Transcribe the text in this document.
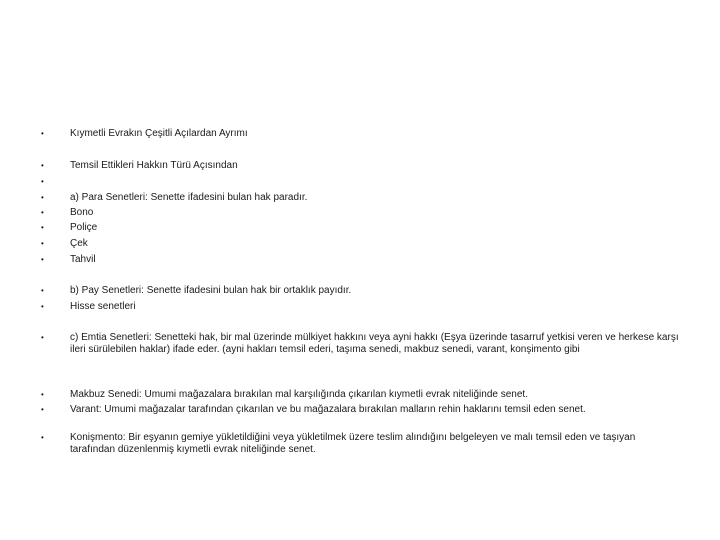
•	Kıymetli Evrakın Çeşitli Açılardan Ayrımı
•	Temsil Ettikleri Hakkın Türü Açısından
•
•	a) Para Senetleri: Senette ifadesini bulan hak paradır.
•	Bono
•	Poliçe
•	Çek
•	Tahvil
•	b) Pay Senetleri: Senette ifadesini bulan hak bir ortaklık payıdır.
•	Hisse senetleri
•	c) Emtia Senetleri: Senetteki hak, bir mal üzerinde mülkiyet hakkını veya ayni hakkı (Eşya üzerinde tasarruf yetkisi veren ve herkese karşı ileri sürülebilen haklar) ifade eder. (ayni hakları temsil ederi, taşıma senedi, makbuz senedi, varant, konşimento gibi
•	Makbuz Senedi: Umumi mağazalara bırakılan mal karşılığında çıkarılan kıymetli evrak niteliğinde senet.
•	Varant: Umumi mağazalar tarafından çıkarılan ve bu mağazalara bırakılan malların rehin haklarını temsil eden senet.
•	Konişmento: Bir eşyanın gemiye yükletildiğini veya yükletilmek üzere teslim alındığını belgeleyen ve malı temsil eden ve taşıyan tarafından düzenlenmiş kıymetli evrak niteliğinde senet.
